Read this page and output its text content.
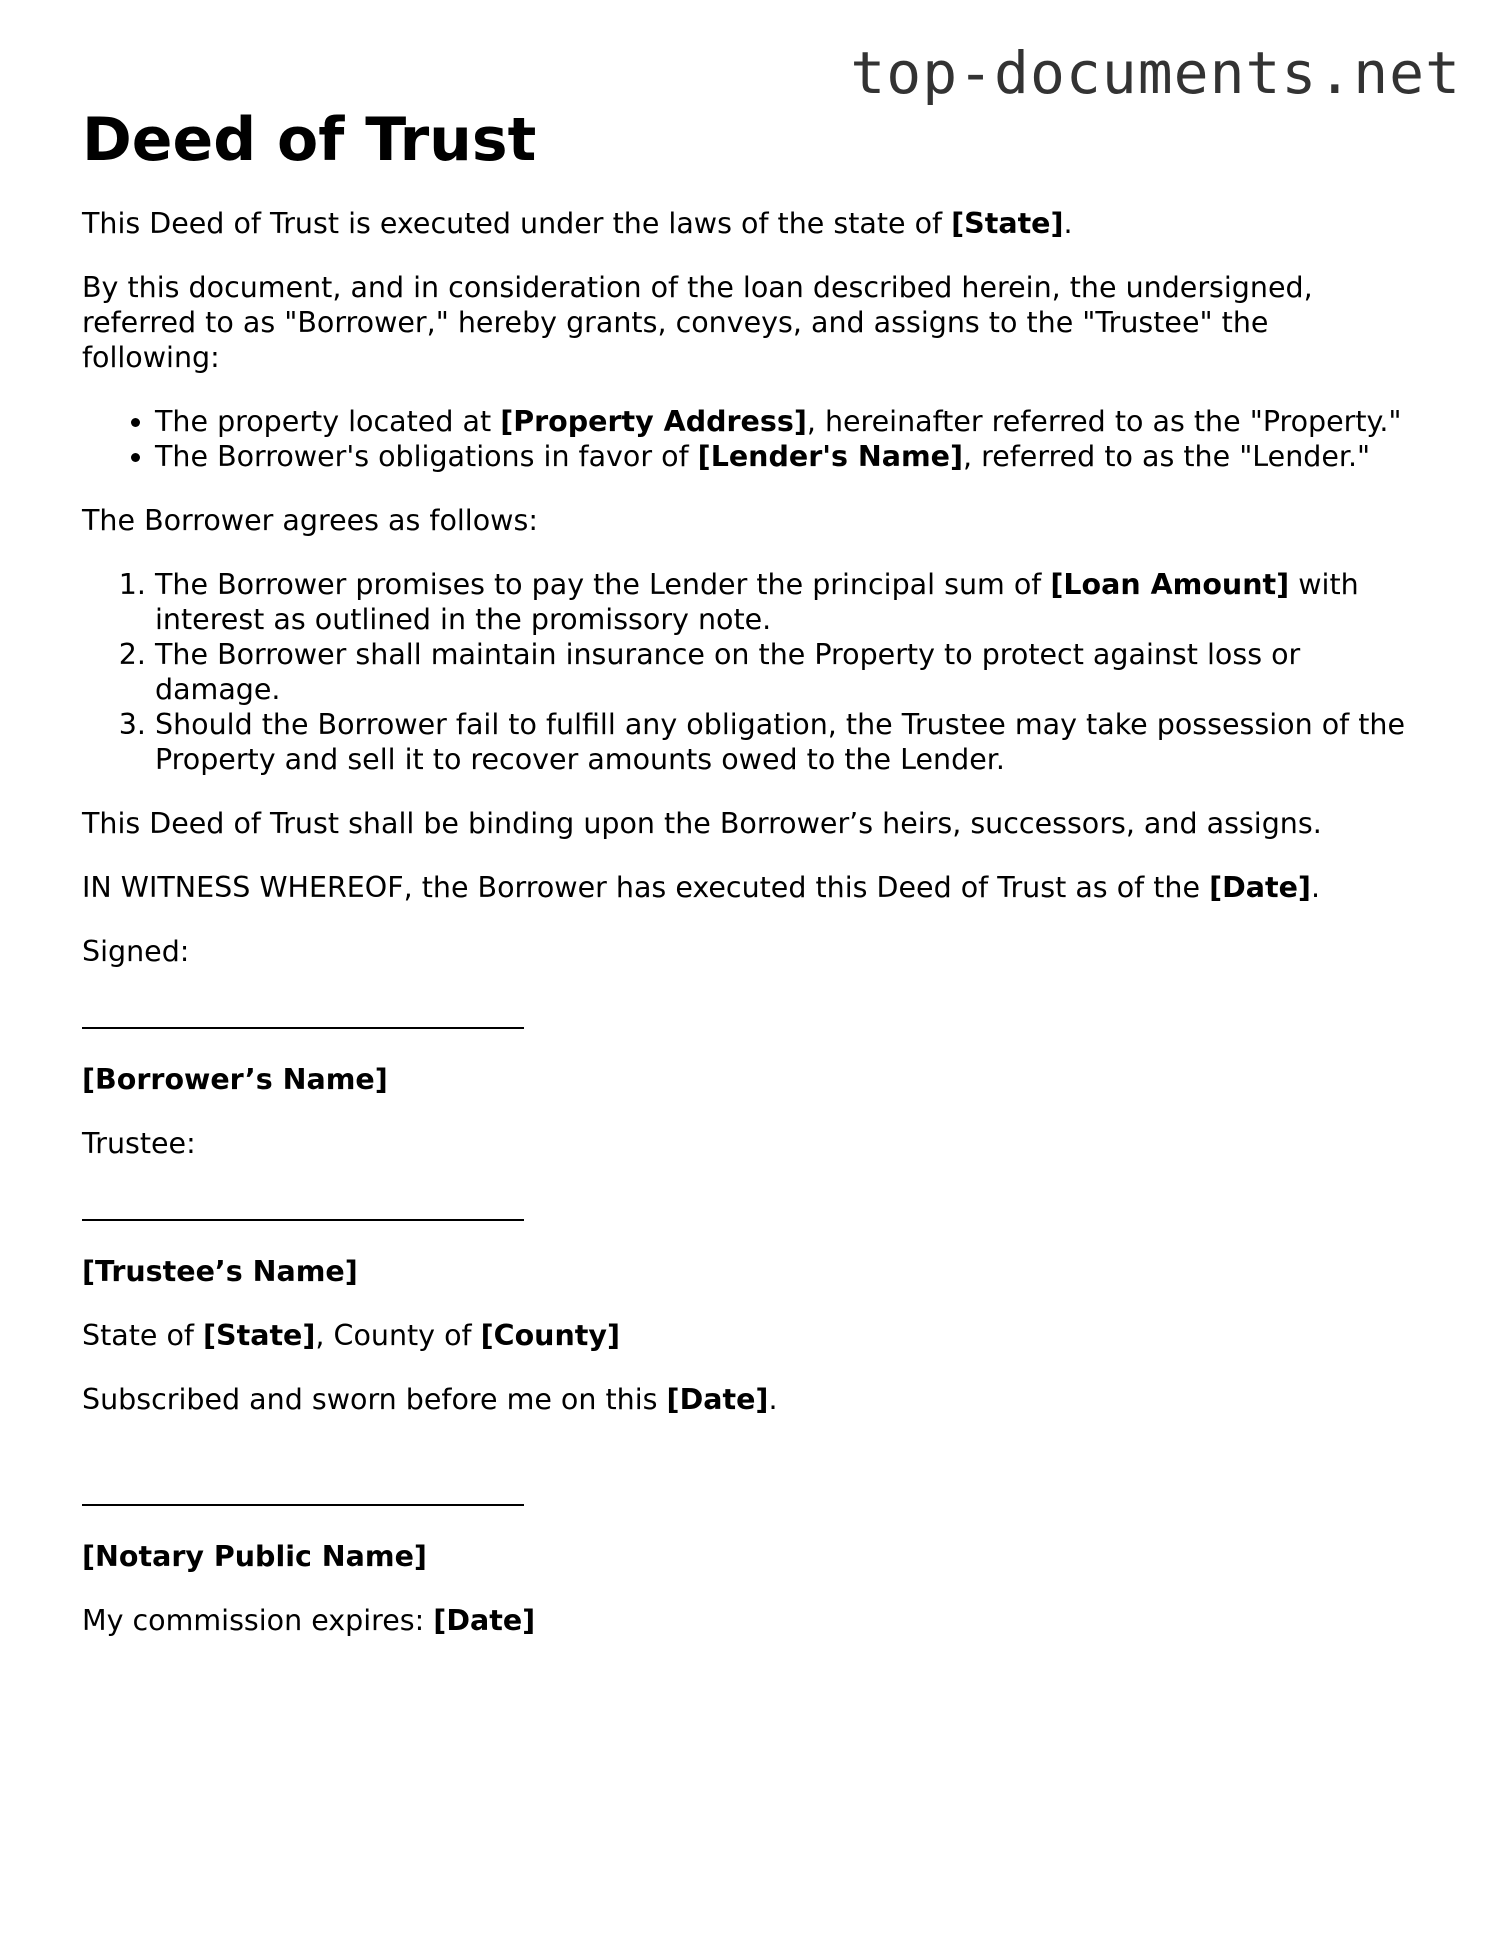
top-documents.net
Deed of Trust

This Deed of Trust is executed under the laws of the state of [State].

By this document, and in consideration of the loan described herein, the undersigned, referred to as "Borrower," hereby grants, conveys, and assigns to the "Trustee" the following:

• The property located at [Property Address], hereinafter referred to as the "Property."
• The Borrower's obligations in favor of [Lender's Name], referred to as the "Lender."

The Borrower agrees as follows:

1. The Borrower promises to pay the Lender the principal sum of [Loan Amount] with interest as outlined in the promissory note.
2. The Borrower shall maintain insurance on the Property to protect against loss or damage.
3. Should the Borrower fail to fulfill any obligation, the Trustee may take possession of the Property and sell it to recover amounts owed to the Lender.

This Deed of Trust shall be binding upon the Borrower’s heirs, successors, and assigns.

IN WITNESS WHEREOF, the Borrower has executed this Deed of Trust as of the [Date].

Signed:

[Borrower’s Name]

Trustee:

[Trustee’s Name]

State of [State], County of [County]

Subscribed and sworn before me on this [Date].

[Notary Public Name]

My commission expires: [Date]
